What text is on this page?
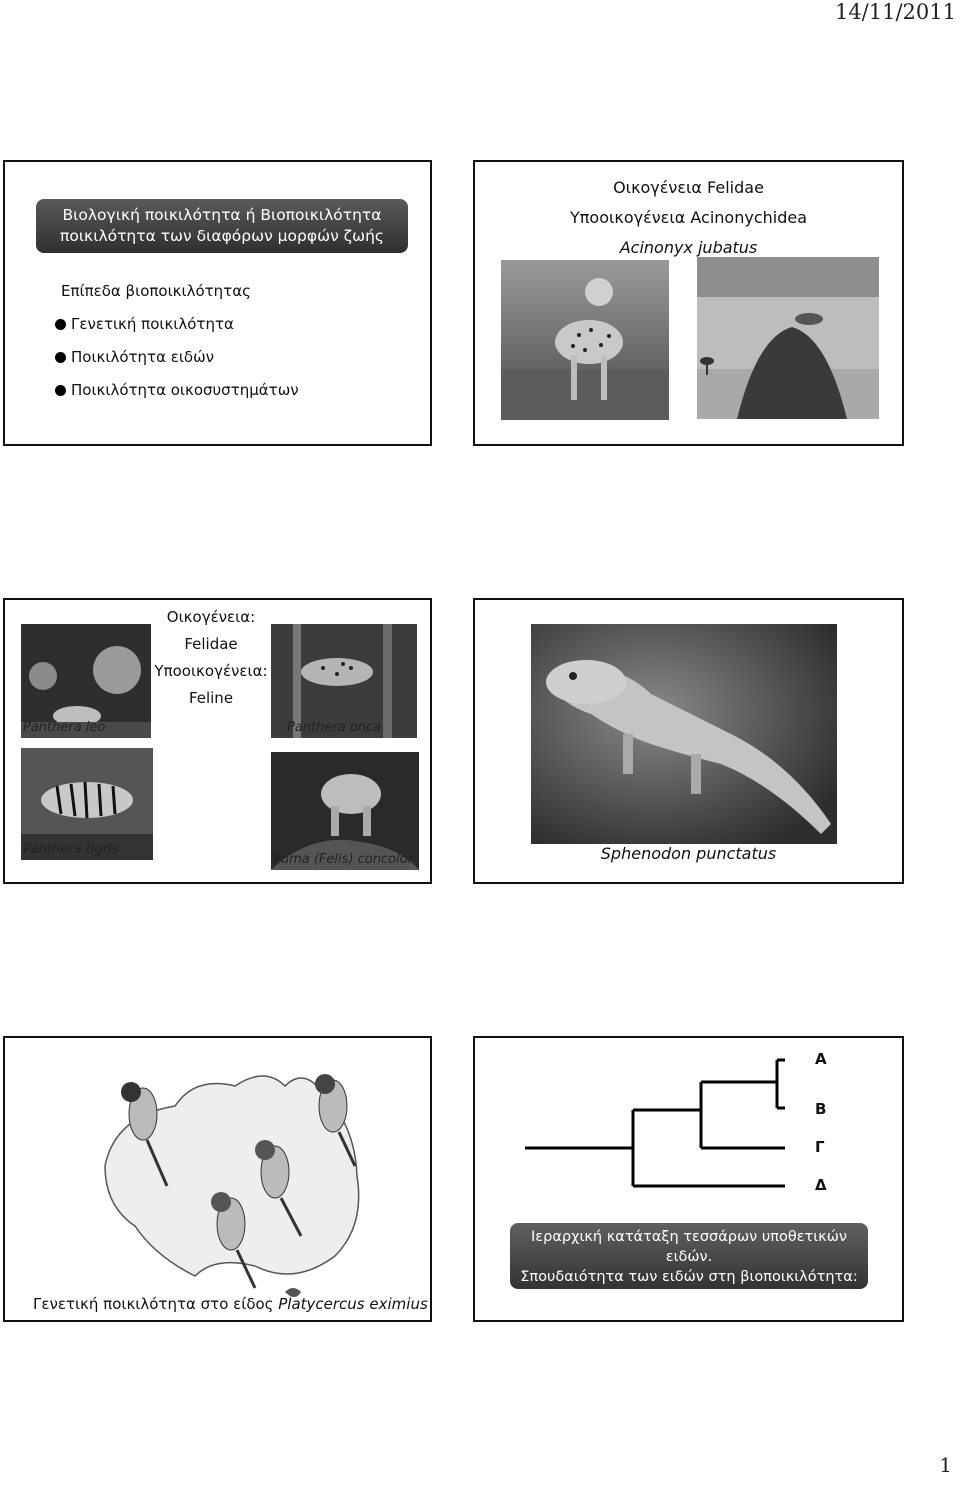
14/11/2011
Βιολογική ποικιλότητα ή Βιοποικιλότητα
ποικιλότητα των διαφόρων μορφών ζωής
Επίπεδα βιοποικιλότητας
Γενετική ποικιλότητα
Ποικιλότητα ειδών
Ποικιλότητα οικοσυστημάτων
Οικογένεια Felidae
Υποοικογένεια Acinonychidea
Acinonyx jubatus
Panthera leo	Panthera onca
Οικογένεια:
Felidae
Υποοικογένεια:
Feline
Panthera tigris
Puma (Felis) concolor	Sphenodon punctatus
Γενετική ποικιλότητα στο είδος Platycercus eximius
Α
Β
Γ
Δ
Ιεραρχική κατάταξη τεσσάρων υποθετικών ειδών.
Σπουδαιότητα των ειδών στη βιοποικιλότητα:
Α = Β< Γ < Δ.
1
